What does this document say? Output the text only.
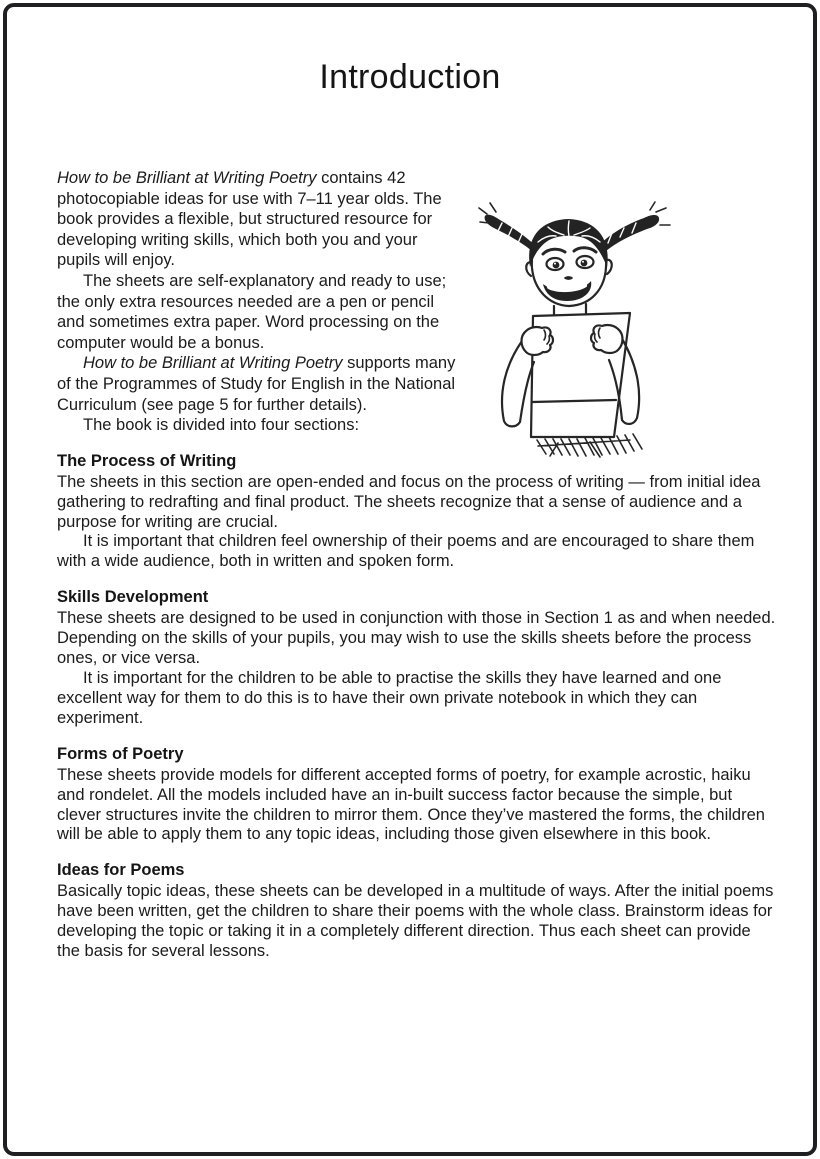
Introduction

How to be Brilliant at Writing Poetry contains 42 photocopiable ideas for use with 7–11 year olds. The book provides a flexible, but structured resource for developing writing skills, which both you and your pupils will enjoy.

The sheets are self-explanatory and ready to use; the only extra resources needed are a pen or pencil and sometimes extra paper. Word processing on the computer would be a bonus.

How to be Brilliant at Writing Poetry supports many of the Programmes of Study for English in the National Curriculum (see page 5 for further details).

The book is divided into four sections:

The Process of Writing

The sheets in this section are open-ended and focus on the process of writing — from initial idea gathering to redrafting and final product. The sheets recognize that a sense of audience and a purpose for writing are crucial.

It is important that children feel ownership of their poems and are encouraged to share them with a wide audience, both in written and spoken form.

Skills Development

These sheets are designed to be used in conjunction with those in Section 1 as and when needed. Depending on the skills of your pupils, you may wish to use the skills sheets before the process ones, or vice versa.

It is important for the children to be able to practise the skills they have learned and one excellent way for them to do this is to have their own private notebook in which they can experiment.

Forms of Poetry

These sheets provide models for different accepted forms of poetry, for example acrostic, haiku and rondelet. All the models included have an in-built success factor because the simple, but clever structures invite the children to mirror them. Once they’ve mastered the forms, the children will be able to apply them to any topic ideas, including those given elsewhere in this book.

Ideas for Poems

Basically topic ideas, these sheets can be developed in a multitude of ways. After the initial poems have been written, get the children to share their poems with the whole class. Brainstorm ideas for developing the topic or taking it in a completely different direction. Thus each sheet can provide the basis for several lessons.
